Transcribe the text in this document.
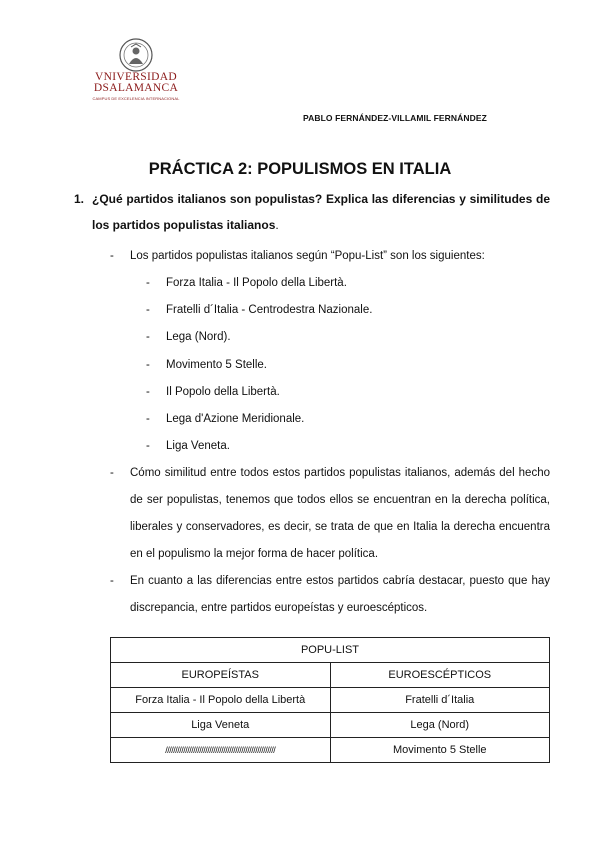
VNIVERSIDAD
DSALAMANCA
CAMPUS DE EXCELENCIA INTERNACIONAL
PABLO FERNÁNDEZ-VILLAMIL FERNÁNDEZ
PRÁCTICA 2: POPULISMOS EN ITALIA
1. ¿Qué partidos italianos son populistas? Explica las diferencias y similitudes de los partidos populistas italianos.
- Los partidos populistas italianos según “Popu-List” son los siguientes:
- Forza Italia - Il Popolo della Libertà.
- Fratelli d´Italia - Centrodestra Nazionale.
- Lega (Nord).
- Movimento 5 Stelle.
- Il Popolo della Libertà.
- Lega d'Azione Meridionale.
- Liga Veneta.
- Cómo similitud entre todos estos partidos populistas italianos, además del hecho de ser populistas, tenemos que todos ellos se encuentran en la derecha política, liberales y conservadores, es decir, se trata de que en Italia la derecha encuentra en el populismo la mejor forma de hacer política.
- En cuanto a las diferencias entre estos partidos cabría destacar, puesto que hay discrepancia, entre partidos europeístas y euroescépticos.
POPU-LIST	
EUROPEÍSTAS	EUROESCÉPTICOS
Forza Italia - Il Popolo della Libertà	Fratelli d´Italia
Liga Veneta	Lega (Nord)
///////////////////////////////////////////////////////	Movimento 5 Stelle
